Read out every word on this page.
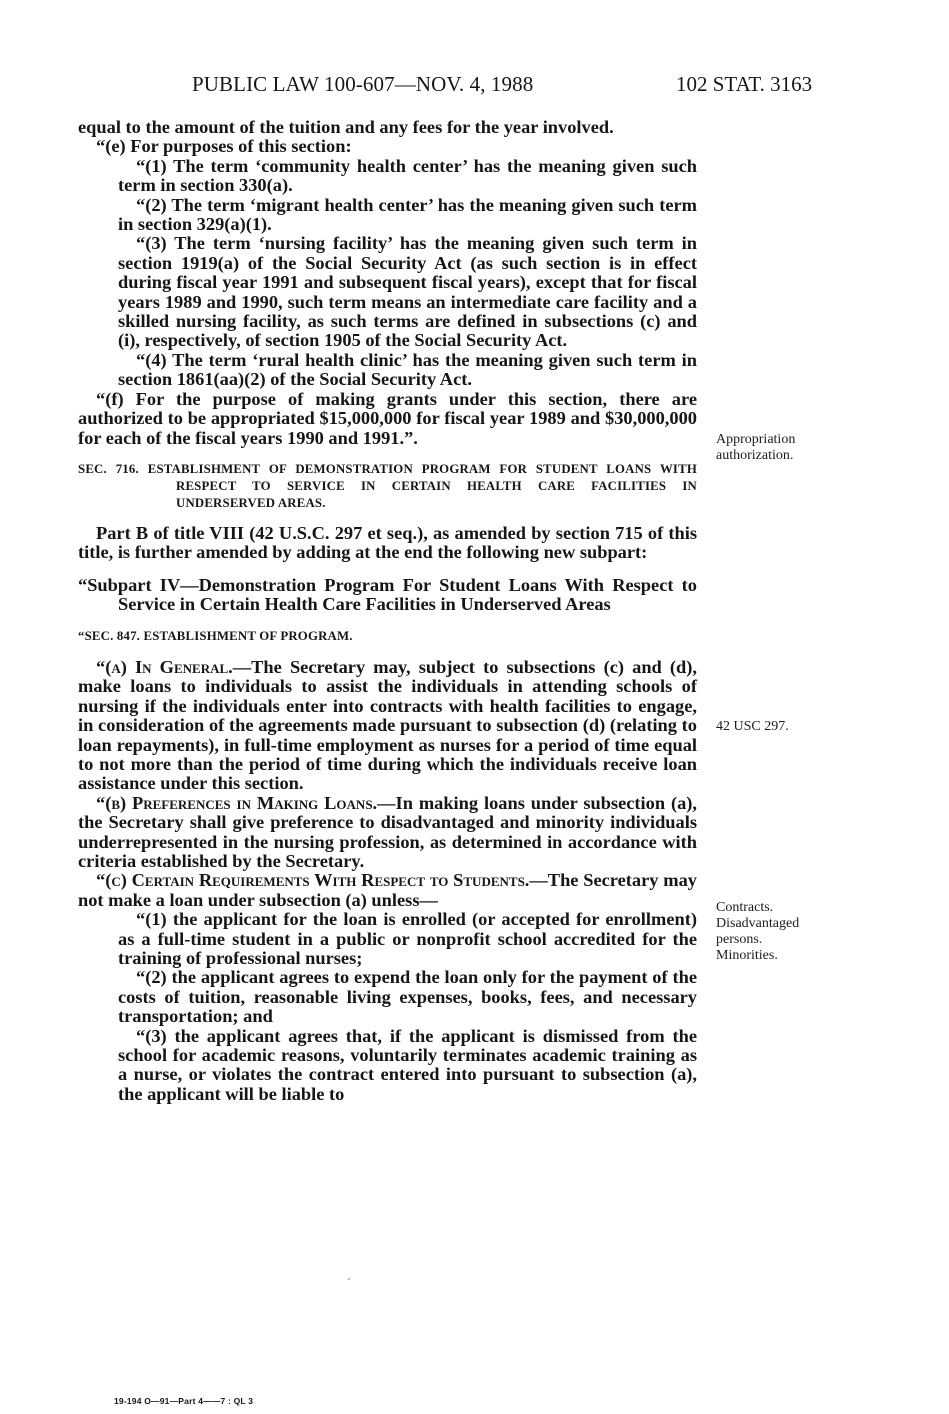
PUBLIC LAW 100-607—NOV. 4, 1988	102 STAT. 3163

equal to the amount of the tuition and any fees for the year involved.

“(e) For purposes of this section:

“(1) The term ‘community health center’ has the meaning given such term in section 330(a).

“(2) The term ‘migrant health center’ has the meaning given such term in section 329(a)(1).

“(3) The term ‘nursing facility’ has the meaning given such term in section 1919(a) of the Social Security Act (as such section is in effect during fiscal year 1991 and subsequent fiscal years), except that for fiscal years 1989 and 1990, such term means an intermediate care facility and a skilled nursing facility, as such terms are defined in subsections (c) and (i), respectively, of section 1905 of the Social Security Act.

“(4) The term ‘rural health clinic’ has the meaning given such term in section 1861(aa)(2) of the Social Security Act.

“(f) For the purpose of making grants under this section, there are authorized to be appropriated $15,000,000 for fiscal year 1989 and $30,000,000 for each of the fiscal years 1990 and 1991.”.

SEC. 716. ESTABLISHMENT OF DEMONSTRATION PROGRAM FOR STUDENT LOANS WITH RESPECT TO SERVICE IN CERTAIN HEALTH CARE FACILITIES IN UNDERSERVED AREAS.

Part B of title VIII (42 U.S.C. 297 et seq.), as amended by section 715 of this title, is further amended by adding at the end the following new subpart:

“Subpart IV—Demonstration Program For Student Loans With Respect to Service in Certain Health Care Facilities in Underserved Areas

“SEC. 847. ESTABLISHMENT OF PROGRAM.

“(a) In General.—The Secretary may, subject to subsections (c) and (d), make loans to individuals to assist the individuals in attending schools of nursing if the individuals enter into contracts with health facilities to engage, in consideration of the agreements made pursuant to subsection (d) (relating to loan repayments), in full-time employment as nurses for a period of time equal to not more than the period of time during which the individuals receive loan assistance under this section.

“(b) Preferences in Making Loans.—In making loans under subsection (a), the Secretary shall give preference to disadvantaged and minority individuals underrepresented in the nursing profession, as determined in accordance with criteria established by the Secretary.

“(c) Certain Requirements With Respect to Students.—The Secretary may not make a loan under subsection (a) unless—

“(1) the applicant for the loan is enrolled (or accepted for enrollment) as a full-time student in a public or nonprofit school accredited for the training of professional nurses;

“(2) the applicant agrees to expend the loan only for the payment of the costs of tuition, reasonable living expenses, books, fees, and necessary transportation; and

“(3) the applicant agrees that, if the applicant is dismissed from the school for academic reasons, voluntarily terminates academic training as a nurse, or violates the contract entered into pursuant to subsection (a), the applicant will be liable to

Appropriation
authorization.
42 USC 297.
Contracts.
Disadvantaged
persons.
Minorities.
19-194 O—91—Part 4——7 : QL 3
